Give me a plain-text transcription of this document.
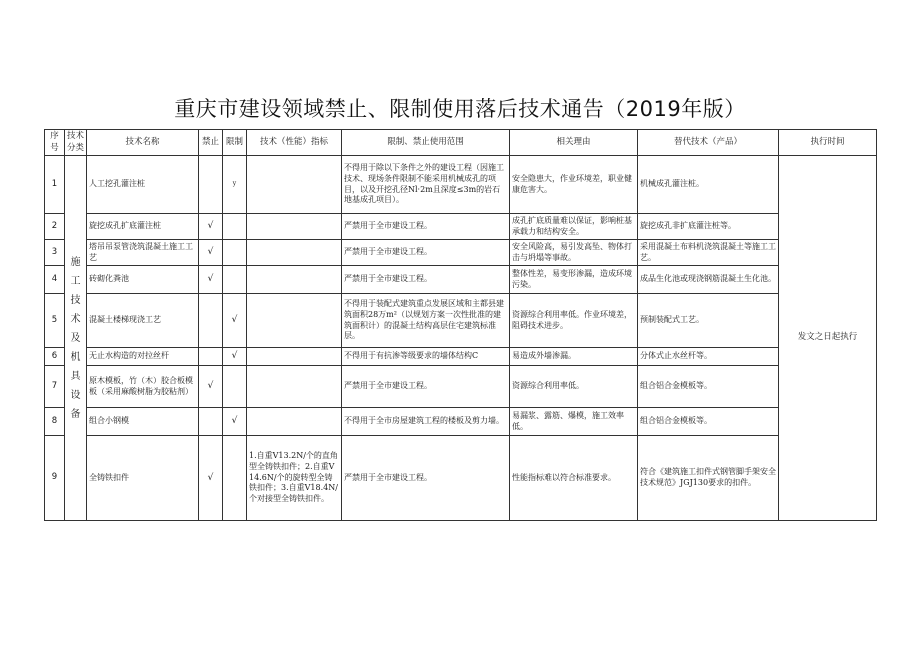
重庆市建设领域禁止、限制使用落后技术通告（2019年版）
序号	技术分类	技术名称	禁止	限制	技术（性能）指标	限制、禁止使用范围	相关理由	替代技术（产品）	执行时间
1	施工技术及机具设备	人工挖孔灌注桩		y		不得用于除以下条件之外的建设工程（因施工技术、现场条件限制不能采用机械成孔的项目，以及开挖孔径Nl·2m且深度≤3m的岩石地基成孔项目）。	安全隐患大，作业环境差，职业健康危害大。	机械成孔灌注桩。	发文之日起执行
2		旋挖成孔扩底灌注桩	√			严禁用于全市建设工程。	成孔扩底质量难以保证，影响桩基承载力和结构安全。	旋挖成孔非扩底灌注桩等。	
3		塔吊吊泵管浇筑混凝土施工工艺	√			严禁用于全市建设工程。	安全风险高，易引发高坠、物体打击与坍塌等事故。	采用混凝土布料机浇筑混凝土等施工工艺。	
4		砖砌化粪池	√			严禁用于全市建设工程。	整体性差，易变形渗漏，造成环境污染。	成品生化池或现浇钢筋混凝土生化池。	
5		混凝土楼梯现浇工艺		√		不得用于装配式建筑重点发展区域和主都县建筑面积28万m²（以规划方案一次性批准的建筑面积计）的混凝土结构高层住宅建筑标准层。	资源综合利用率低。作业环境差，阻碍技术进步。	预制装配式工艺。	
6		无止水构造的对拉丝杆		√		不得用于有抗渗等级要求的墙体结构C	易造成外墙渗漏。	分体式止水丝杆等。	
7		原木模板，竹（木）胶合板模板（采用麻酸树脂为胶粘剂）	√			严禁用于全市建设工程。	资源综合利用率低。	组合铝合金模板等。	
8		组合小钢模		√		不得用于全市房屋建筑工程的楼板及剪力墙。	易漏浆、露筋、爆模，施工效率低。	组合铝合金模板等。	
9		全铸铁扣件	√		1.自重V13.2N/个的直角型全铸铁扣件；2.自重V14.6N/个的旋转型全铸铁扣件；3.自重V18.4N/个对接型全铸铁扣件。	严禁用于全市建设工程。	性能指标难以符合标准要求。	符合《建筑施工扣件式钢管脚手架安全技术规范》JGJ130要求的扣件。	
